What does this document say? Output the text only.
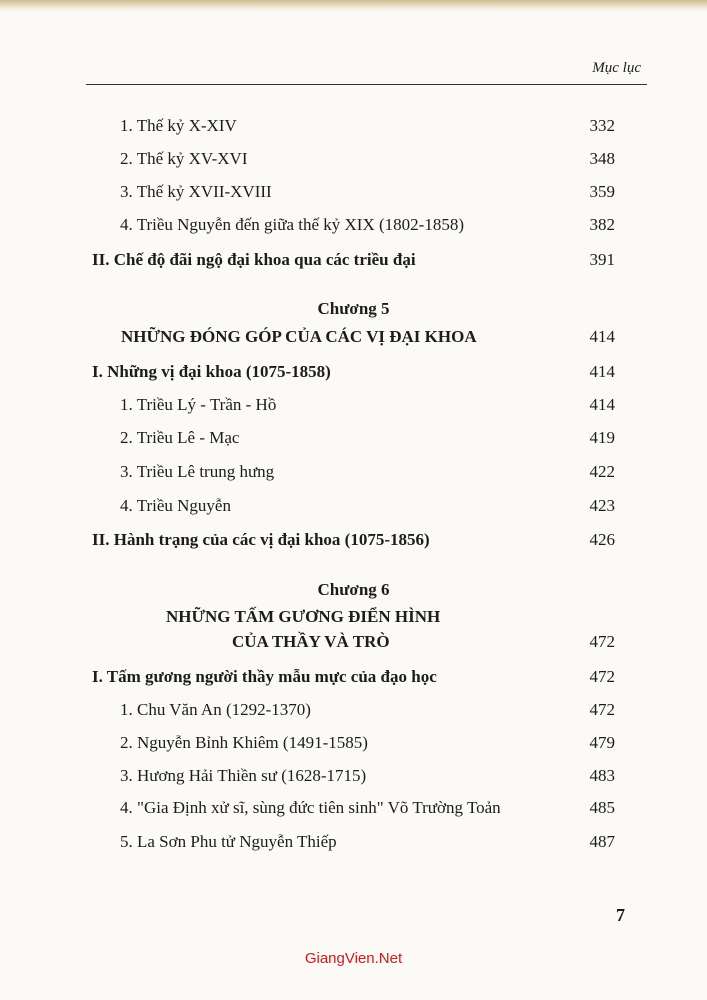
Mục lục
1. Thế kỷ X-XIV	332
2. Thế kỷ XV-XVI	348
3. Thế kỷ XVII-XVIII	359
4. Triều Nguyễn đến giữa thế kỷ XIX (1802-1858)	382
II. Chế độ đãi ngộ đại khoa qua các triều đại	391
Chương 5
NHỮNG ĐÓNG GÓP CỦA CÁC VỊ ĐẠI KHOA	414
I. Những vị đại khoa (1075-1858)	414
1. Triều Lý - Trần - Hồ	414
2. Triều Lê - Mạc	419
3. Triều Lê trung hưng	422
4. Triều Nguyễn	423
II. Hành trạng của các vị đại khoa (1075-1856)	426
Chương 6
NHỮNG TẤM GƯƠNG ĐIỂN HÌNH
CỦA THẦY VÀ TRÒ	472
I. Tấm gương người thầy mẫu mực của đạo học	472
1. Chu Văn An (1292-1370)	472
2. Nguyễn Bỉnh Khiêm (1491-1585)	479
3. Hương Hải Thiền sư (1628-1715)	483
4. "Gia Định xử sĩ, sùng đức tiên sinh" Võ Trường Toản	485
5. La Sơn Phu tử Nguyễn Thiếp	487
7
GiangVien.Net
